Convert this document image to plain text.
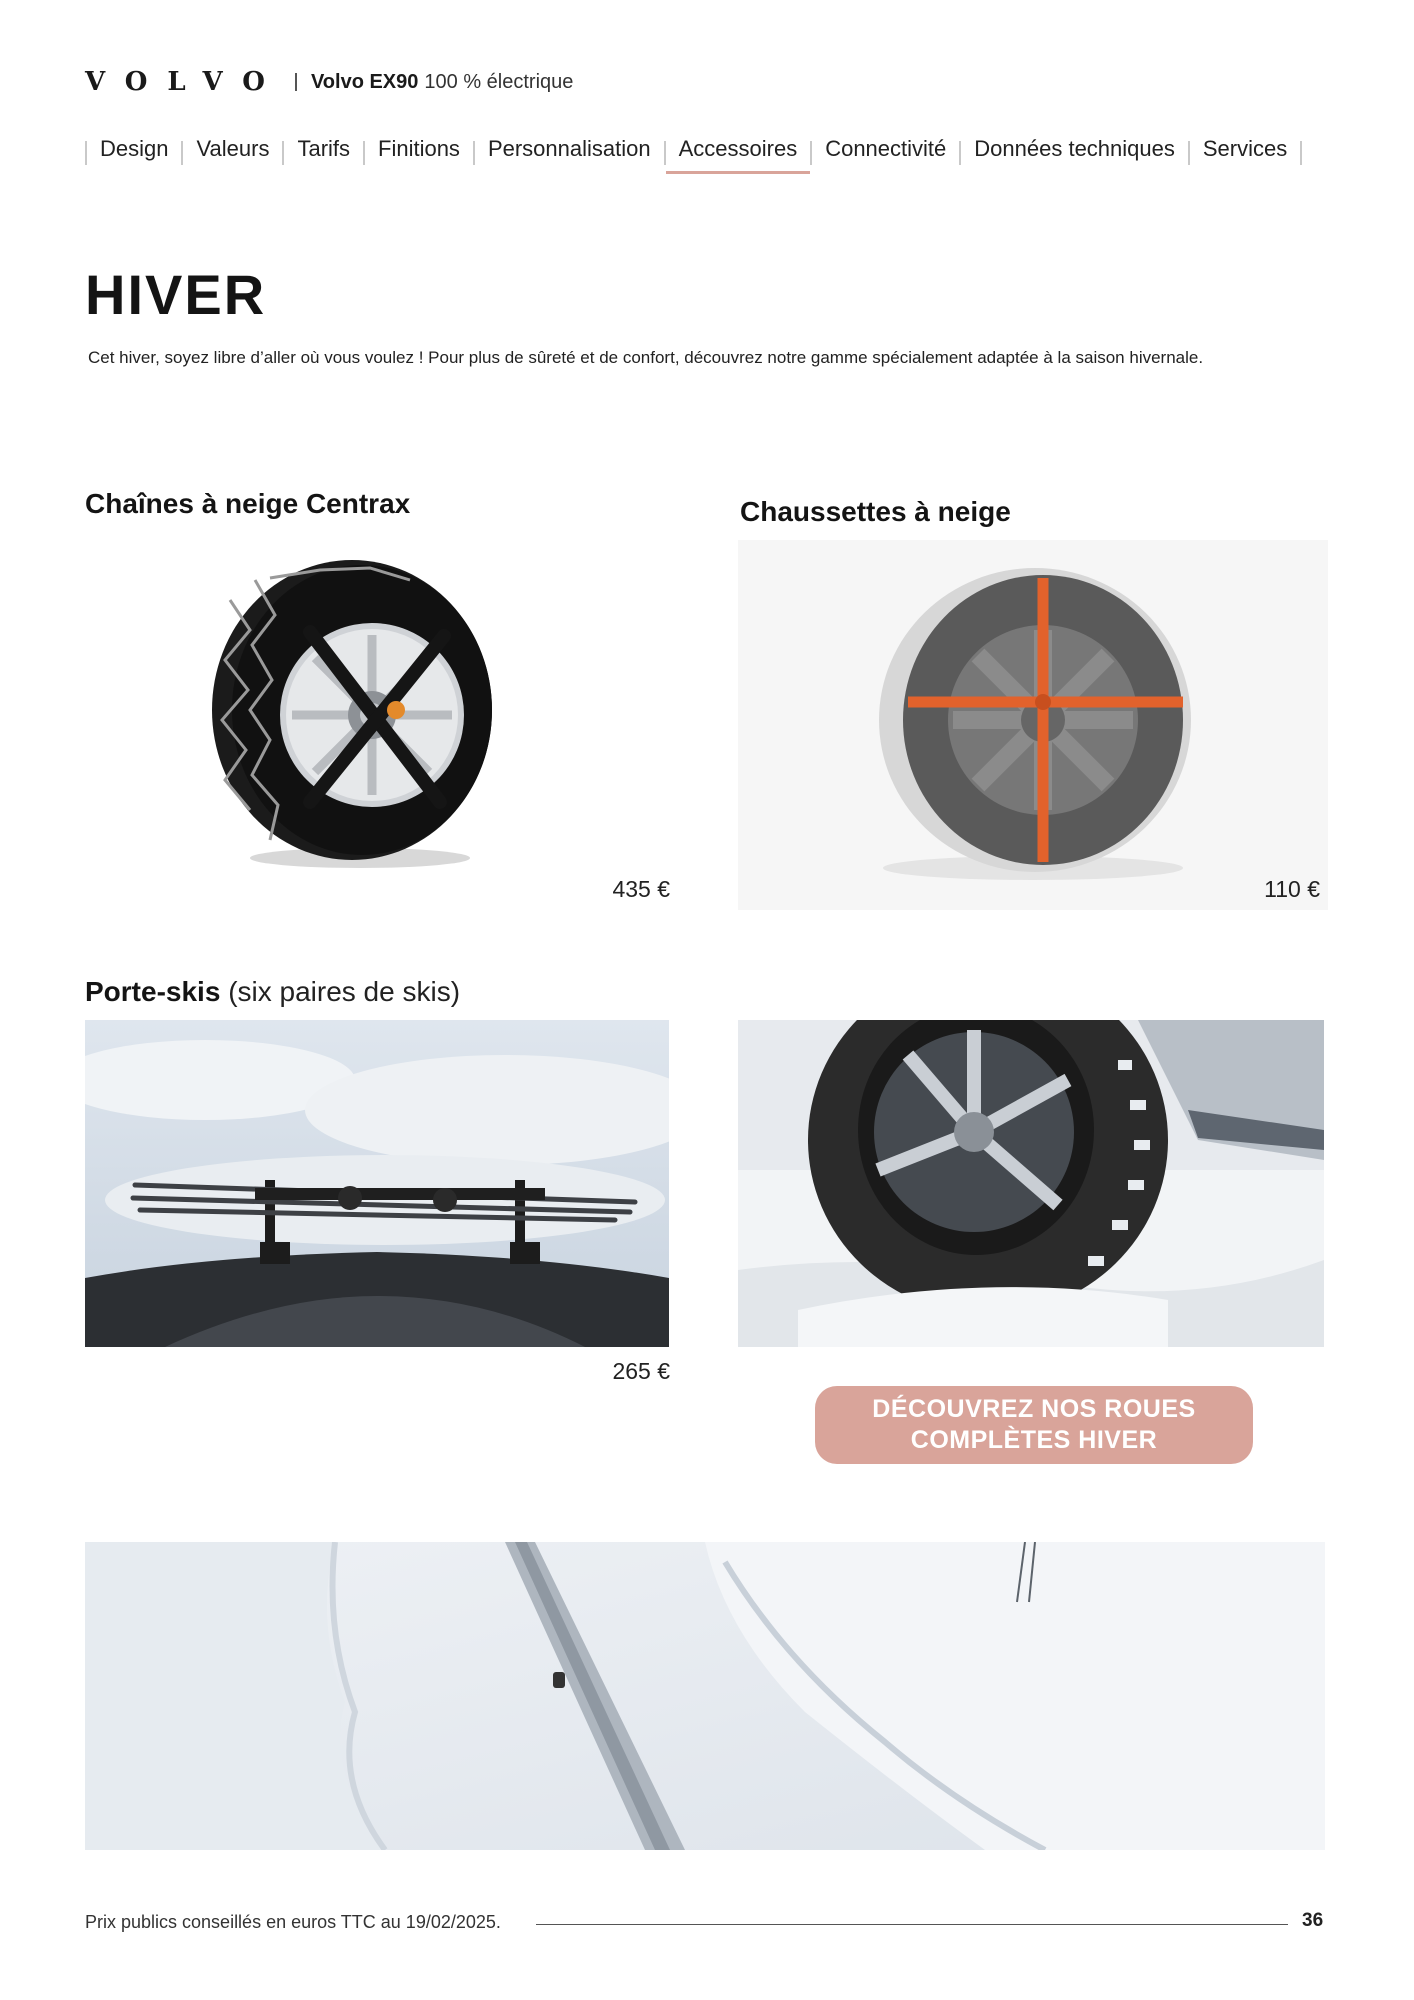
VOLVO Volvo EX90 100 % électrique
Design	Valeurs	Tarifs	Finitions	Personnalisation	Accessoires	Connectivité	Données techniques	Services
HIVER

Cet hiver, soyez libre d’aller où vous voulez ! Pour plus de sûreté et de confort, découvrez notre gamme spécialement adaptée à la saison hivernale.

Chaînes à neige Centrax
435 €
Chaussettes à neige
110 €
Porte-skis (six paires de skis)
265 €
DÉCOUVREZ NOS ROUES
COMPLÈTES HIVER
Prix publics conseillés en euros TTC au 19/02/2025.	36
